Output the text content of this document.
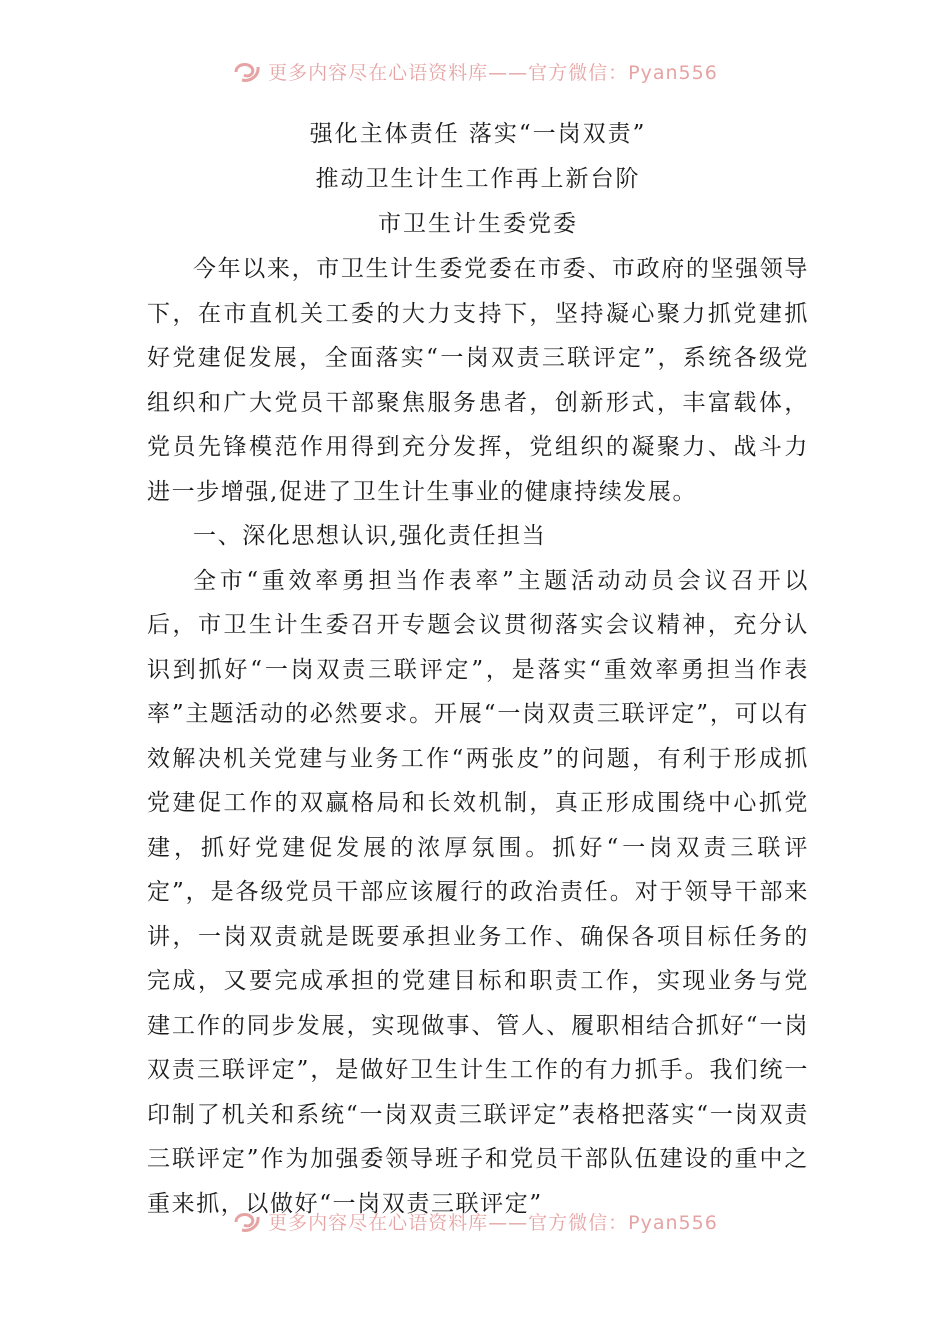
更多内容尽在心语资料库——官方微信：Pyan556

强化主体责任 落实“一岗双责”

推动卫生计生工作再上新台阶

市卫生计生委党委

今年以来，市卫生计生委党委在市委、市政府的坚强领导下，在市直机关工委的大力支持下，坚持凝心聚力抓党建抓好党建促发展，全面落实“一岗双责三联评定”，系统各级党组织和广大党员干部聚焦服务患者，创新形式，丰富载体，党员先锋模范作用得到充分发挥，党组织的凝聚力、战斗力进一步增强,促进了卫生计生事业的健康持续发展。

一、深化思想认识,强化责任担当

全市“重效率勇担当作表率”主题活动动员会议召开以后，市卫生计生委召开专题会议贯彻落实会议精神，充分认识到抓好“一岗双责三联评定”，是落实“重效率勇担当作表率”主题活动的必然要求。开展“一岗双责三联评定”，可以有效解决机关党建与业务工作“两张皮”的问题，有利于形成抓党建促工作的双赢格局和长效机制，真正形成围绕中心抓党建，抓好党建促发展的浓厚氛围。抓好“一岗双责三联评定”，是各级党员干部应该履行的政治责任。对于领导干部来讲，一岗双责就是既要承担业务工作、确保各项目标任务的完成，又要完成承担的党建目标和职责工作，实现业务与党建工作的同步发展，实现做事、管人、履职相结合抓好“一岗双责三联评定”，是做好卫生计生工作的有力抓手。我们统一印制了机关和系统“一岗双责三联评定”表格把落实“一岗双责三联评定”作为加强委领导班子和党员干部队伍建设的重中之重来抓，以做好“一岗双责三联评定”

更多内容尽在心语资料库——官方微信：Pyan556
